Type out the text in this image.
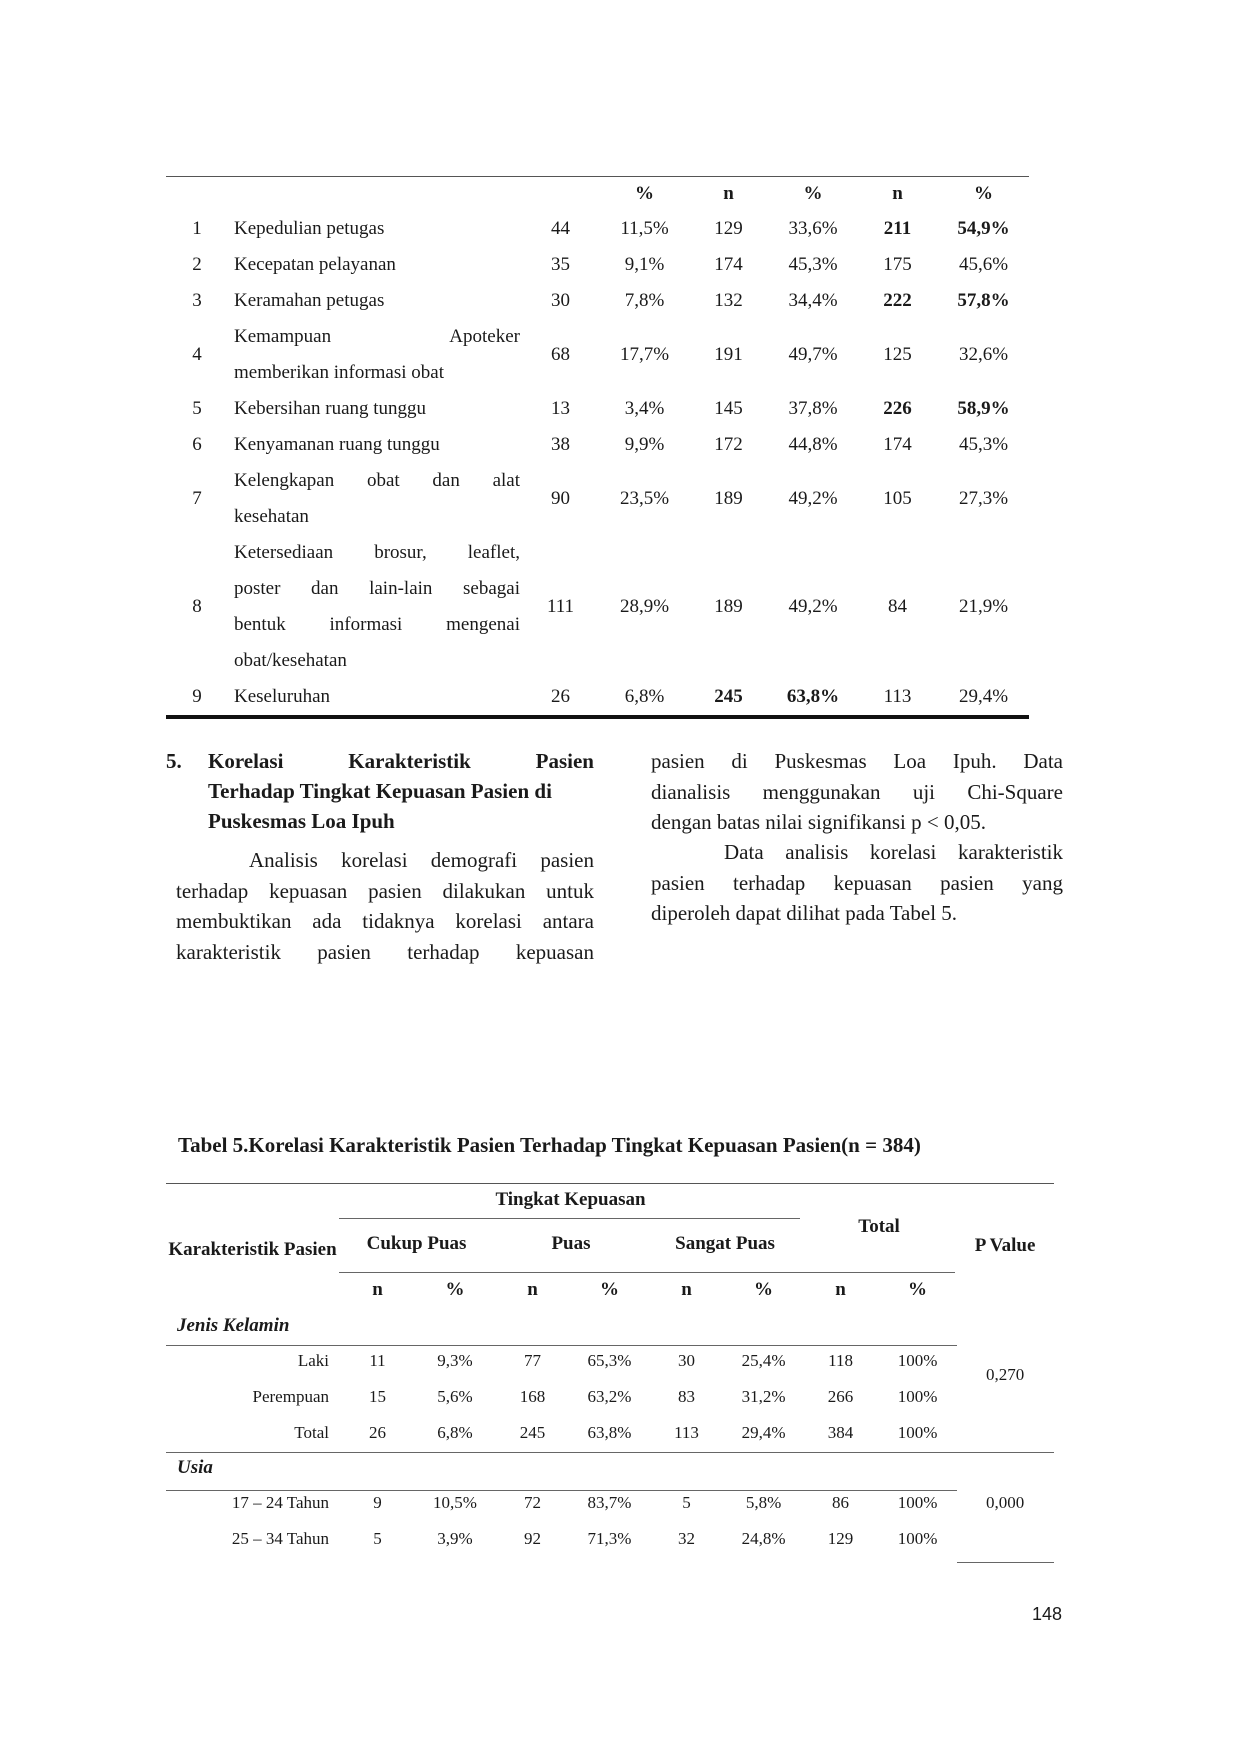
			%	n	%	n	%
1	Kepedulian petugas	44	11,5%	129	33,6%	211	54,9%
2	Kecepatan pelayanan	35	9,1%	174	45,3%	175	45,6%
3	Keramahan petugas	30	7,8%	132	34,4%	222	57,8%
4	Kemampuan Apoteker
memberikan informasi obat	68	17,7%	191	49,7%	125	32,6%
5	Kebersihan ruang tunggu	13	3,4%	145	37,8%	226	58,9%
6	Kenyamanan ruang tunggu	38	9,9%	172	44,8%	174	45,3%
7	Kelengkapan obat dan alat
kesehatan	90	23,5%	189	49,2%	105	27,3%
8	Ketersediaan brosur, leaflet,
poster dan lain-lain sebagai
bentuk informasi mengenai
obat/kesehatan	111	28,9%	189	49,2%	84	21,9%
9	Keseluruhan	26	6,8%	245	63,8%	113	29,4%
5. Korelasi Karakteristik Pasien
Terhadap Tingkat Kepuasan Pasien di
Puskesmas Loa Ipuh
Analisis korelasi demografi pasien
terhadap kepuasan pasien dilakukan untuk
membuktikan ada tidaknya korelasi antara
karakteristik pasien terhadap kepuasan
pasien di Puskesmas Loa Ipuh. Data
dianalisis menggunakan uji Chi-Square
dengan batas nilai signifikansi p < 0,05.
Data analisis korelasi karakteristik
pasien terhadap kepuasan pasien yang
diperoleh dapat dilihat pada Tabel 5.
Tabel 5.Korelasi Karakteristik Pasien Terhadap Tingkat Kepuasan Pasien(n = 384)
Karakteristik Pasien	Tingkat Kepuasan						Total		P Value
	Cukup Puas		Puas		Sangat Puas				
	n	%	n	%	n	%	n	%	
Jenis Kelamin									
Laki	11	9,3%	77	65,3%	30	25,4%	118	100%	0,270
Perempuan	15	5,6%	168	63,2%	83	31,2%	266	100%	
Total	26	6,8%	245	63,8%	113	29,4%	384	100%	
Usia									
17 – 24 Tahun	9	10,5%	72	83,7%	5	5,8%	86	100%	0,000
25 – 34 Tahun	5	3,9%	92	71,3%	32	24,8%	129	100%	
148
